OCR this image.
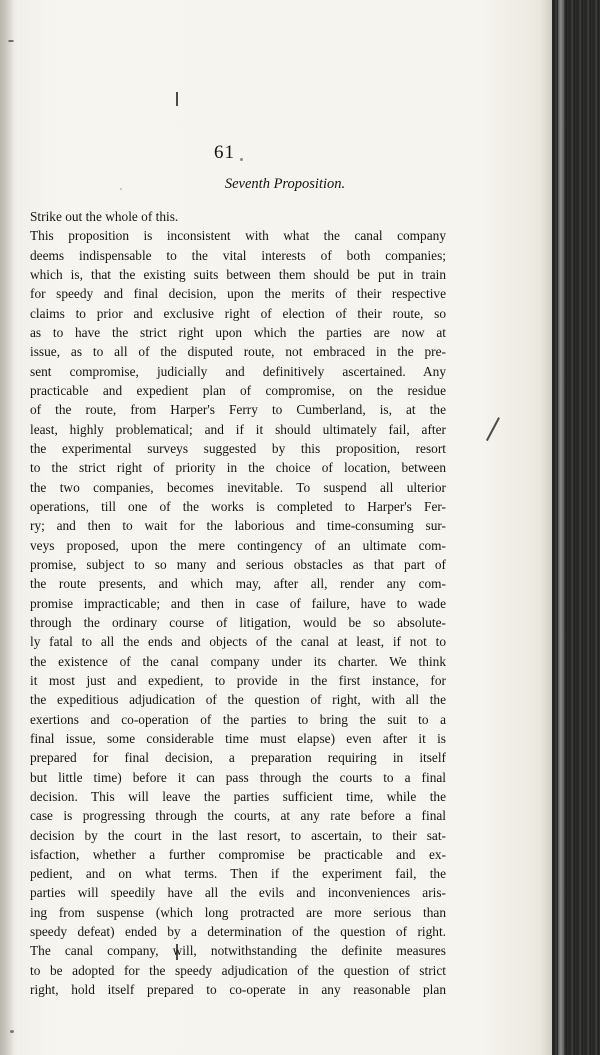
61
Seventh Proposition.
Strike out the whole of this.
This proposition is inconsistent with what the canal company
deems indispensable to the vital interests of both companies;
which is, that the existing suits between them should be put in train
for speedy and final decision, upon the merits of their respective
claims to prior and exclusive right of election of their route, so
as to have the strict right upon which the parties are now at
issue, as to all of the disputed route, not embraced in the pre-
sent compromise, judicially and definitively ascertained. Any
practicable and expedient plan of compromise, on the residue
of the route, from Harper's Ferry to Cumberland, is, at the
least, highly problematical; and if it should ultimately fail, after
the experimental surveys suggested by this proposition, resort
to the strict right of priority in the choice of location, between
the two companies, becomes inevitable. To suspend all ulterior
operations, till one of the works is completed to Harper's Fer-
ry; and then to wait for the laborious and time-consuming sur-
veys proposed, upon the mere contingency of an ultimate com-
promise, subject to so many and serious obstacles as that part of
the route presents, and which may, after all, render any com-
promise impracticable; and then in case of failure, have to wade
through the ordinary course of litigation, would be so absolute-
ly fatal to all the ends and objects of the canal at least, if not to
the existence of the canal company under its charter. We think
it most just and expedient, to provide in the first instance, for
the expeditious adjudication of the question of right, with all the
exertions and co-operation of the parties to bring the suit to a
final issue, some considerable time must elapse) even after it is
prepared for final decision, a preparation requiring in itself
but little time) before it can pass through the courts to a final
decision. This will leave the parties sufficient time, while the
case is progressing through the courts, at any rate before a final
decision by the court in the last resort, to ascertain, to their sat-
isfaction, whether a further compromise be practicable and ex-
pedient, and on what terms. Then if the experiment fail, the
parties will speedily have all the evils and inconveniences aris-
ing from suspense (which long protracted are more serious than
speedy defeat) ended by a determination of the question of right.
The canal company, will, notwithstanding the definite measures
to be adopted for the speedy adjudication of the question of strict
right, hold itself prepared to co-operate in any reasonable plan
